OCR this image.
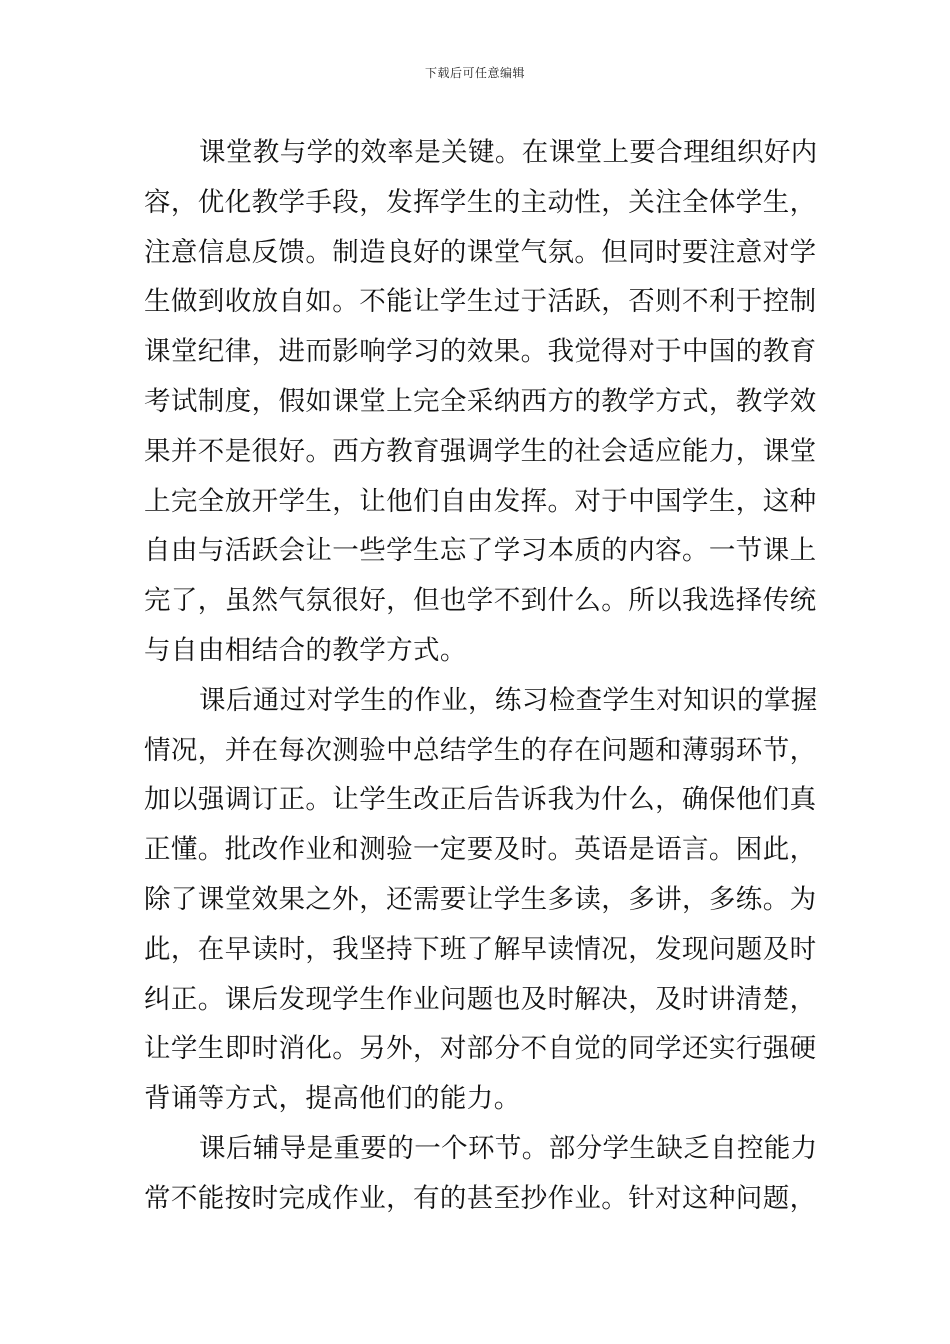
下载后可任意编辑

课堂教与学的效率是关键。在课堂上要合理组织好内
容，优化教学手段，发挥学生的主动性，关注全体学生，
注意信息反馈。制造良好的课堂气氛。但同时要注意对学
生做到收放自如。不能让学生过于活跃，否则不利于控制
课堂纪律，进而影响学习的效果。我觉得对于中国的教育
考试制度，假如课堂上完全采纳西方的教学方式，教学效
果并不是很好。西方教育强调学生的社会适应能力，课堂
上完全放开学生，让他们自由发挥。对于中国学生，这种
自由与活跃会让一些学生忘了学习本质的内容。一节课上
完了，虽然气氛很好，但也学不到什么。所以我选择传统
与自由相结合的教学方式。

课后通过对学生的作业，练习检查学生对知识的掌握
情况，并在每次测验中总结学生的存在问题和薄弱环节，
加以强调订正。让学生改正后告诉我为什么，确保他们真
正懂。批改作业和测验一定要及时。英语是语言。困此，
除了课堂效果之外，还需要让学生多读，多讲，多练。为
此，在早读时，我坚持下班了解早读情况，发现问题及时
纠正。课后发现学生作业问题也及时解决，及时讲清楚，
让学生即时消化。另外，对部分不自觉的同学还实行强硬
背诵等方式，提高他们的能力。

课后辅导是重要的一个环节。部分学生缺乏自控能力
常不能按时完成作业，有的甚至抄作业。针对这种问题，
